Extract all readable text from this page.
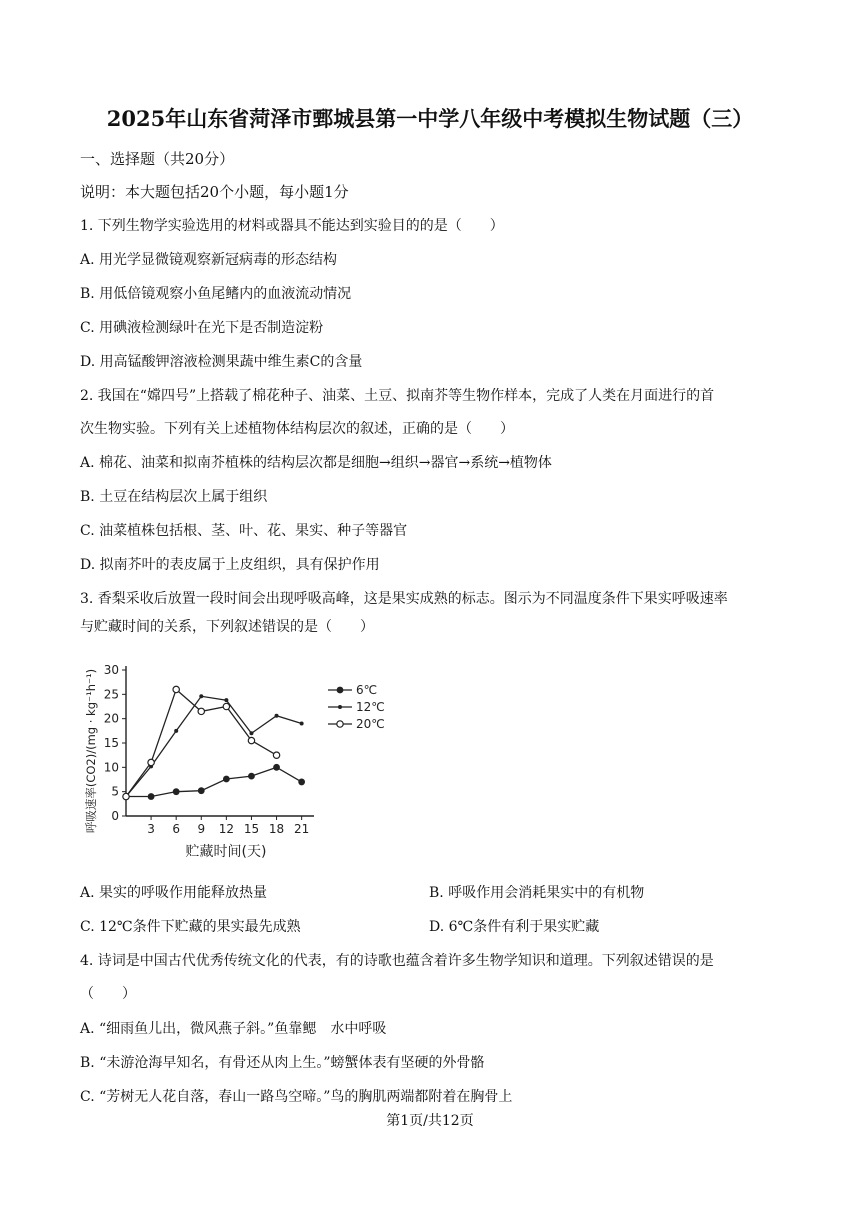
2025年山东省菏泽市鄄城县第一中学八年级中考模拟生物试题（三）
一、选择题（共20分）
说明：本大题包括20个小题，每小题1分
1. 下列生物学实验选用的材料或器具不能达到实验目的的是（　　）
A. 用光学显微镜观察新冠病毒的形态结构
B. 用低倍镜观察小鱼尾鳍内的血液流动情况
C. 用碘液检测绿叶在光下是否制造淀粉
D. 用高锰酸钾溶液检测果蔬中维生素C的含量
2. 我国在“嫦四号”上搭载了棉花种子、油菜、土豆、拟南芥等生物作样本，完成了人类在月面进行的首
次生物实验。下列有关上述植物体结构层次的叙述，正确的是（　　）
A. 棉花、油菜和拟南芥植株的结构层次都是细胞→组织→器官→系统→植物体
B. 土豆在结构层次上属于组织
C. 油菜植株包括根、茎、叶、花、果实、种子等器官
D. 拟南芥叶的表皮属于上皮组织，具有保护作用
3. 香梨采收后放置一段时间会出现呼吸高峰，这是果实成熟的标志。图示为不同温度条件下果实呼吸速率
与贮藏时间的关系，下列叙述错误的是（　　）
0
5
10
15
20
25
30
3 6 9 12 15 18 21
贮藏时间(天)
呼吸速率(CO2)/(mg · kg⁻¹h⁻¹)	6℃
12℃
20℃
A. 果实的呼吸作用能释放热量	B. 呼吸作用会消耗果实中的有机物
C. 12℃条件下贮藏的果实最先成熟	D. 6℃条件有利于果实贮藏
4. 诗词是中国古代优秀传统文化的代表，有的诗歌也蕴含着许多生物学知识和道理。下列叙述错误的是
（　　）
A. “细雨鱼儿出，微风燕子斜。”鱼靠鳃　水中呼吸
B. “未游沧海早知名，有骨还从肉上生。”螃蟹体表有坚硬的外骨骼
C. “芳树无人花自落，春山一路鸟空啼。”鸟的胸肌两端都附着在胸骨上
第1页/共12页
